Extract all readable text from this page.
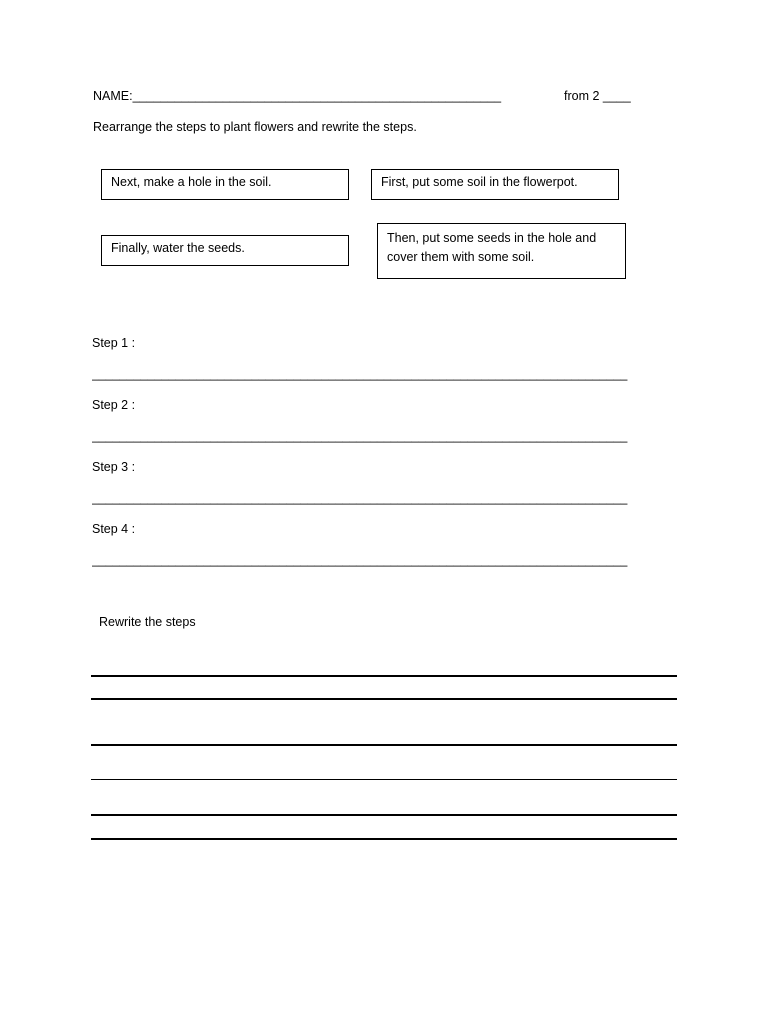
NAME:_____________________________________________________	from 2 ____
Rearrange the steps to plant flowers and rewrite the steps.
Next, make a hole in the soil.	First, put some soil in the flowerpot.
Finally, water the seeds.
Then, put some seeds in the hole and cover them with some soil.
Step 1 :
_____________________________________________________________________________
Step 2 :
_____________________________________________________________________________
Step 3 :
_____________________________________________________________________________
Step 4 :
_____________________________________________________________________________
Rewrite the steps
